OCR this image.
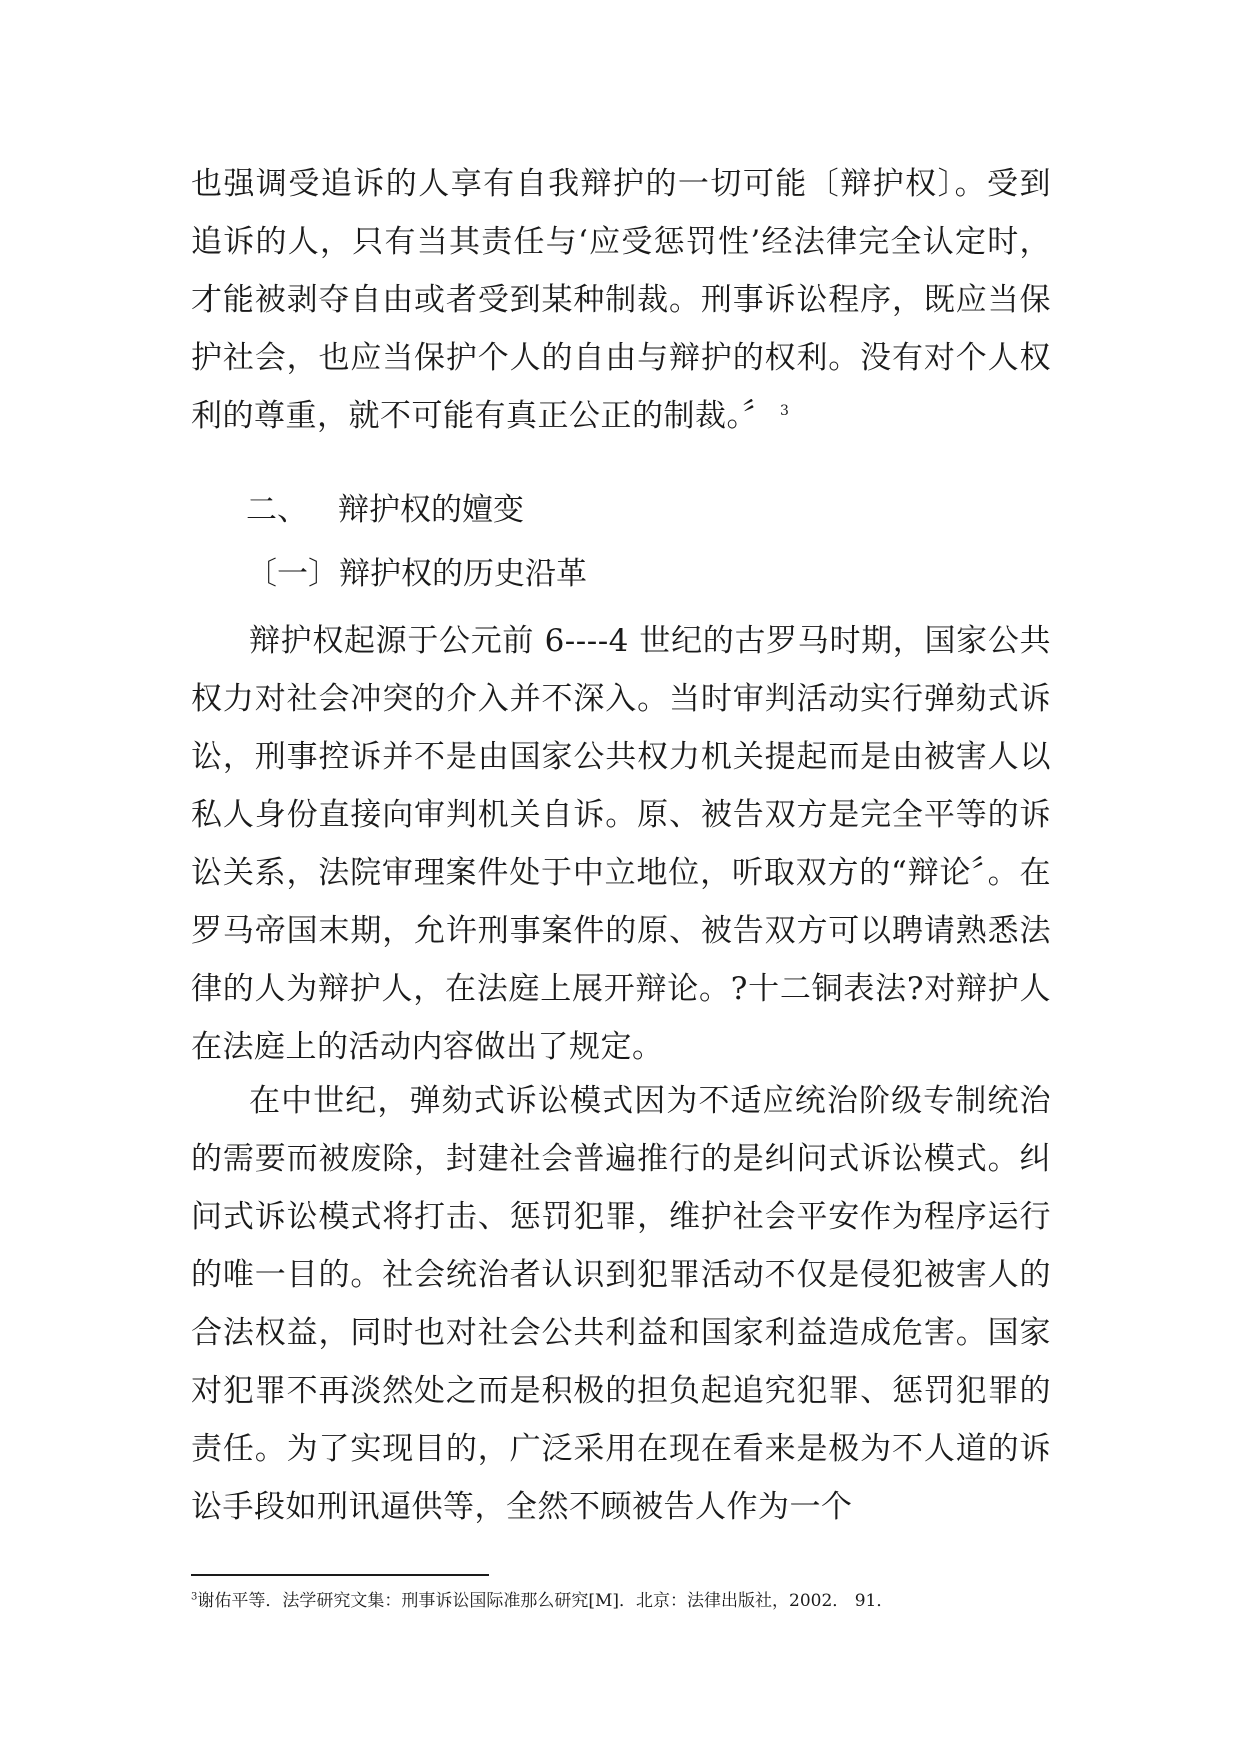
也强调受追诉的人享有自我辩护的一切可能〔辩护权〕。受到追诉的人，只有当其责任与‘应受惩罚性’经法律完全认定时，才能被剥夺自由或者受到某种制裁。刑事诉讼程序，既应当保护社会，也应当保护个人的自由与辩护的权利。没有对个人权利的尊重，就不可能有真正公正的制裁。〞 $^3$
二、 辩护权的嬗变
〔一〕辩护权的历史沿革
辩护权起源于公元前 6----4 世纪的古罗马时期，国家公共权力对社会冲突的介入并不深入。当时审判活动实行弹劾式诉讼，刑事控诉并不是由国家公共权力机关提起而是由被害人以私人身份直接向审判机关自诉。原、被告双方是完全平等的诉讼关系，法院审理案件处于中立地位，听取双方的“辩论〞。在罗马帝国末期，允许刑事案件的原、被告双方可以聘请熟悉法律的人为辩护人，在法庭上展开辩论。?十二铜表法?对辩护人在法庭上的活动内容做出了规定。
在中世纪，弹劾式诉讼模式因为不适应统治阶级专制统治的需要而被废除，封建社会普遍推行的是纠问式诉讼模式。纠问式诉讼模式将打击、惩罚犯罪，维护社会平安作为程序运行的唯一目的。社会统治者认识到犯罪活动不仅是侵犯被害人的合法权益，同时也对社会公共利益和国家利益造成危害。国家对犯罪不再淡然处之而是积极的担负起追究犯罪、惩罚犯罪的责任。为了实现目的，广泛采用在现在看来是极为不人道的诉讼手段如刑讯逼供等，全然不顾被告人作为一个
$^3$谢佑平等．法学研究文集：刑事诉讼国际准那么研究[M]．北京：法律出版社，2002． 91．
